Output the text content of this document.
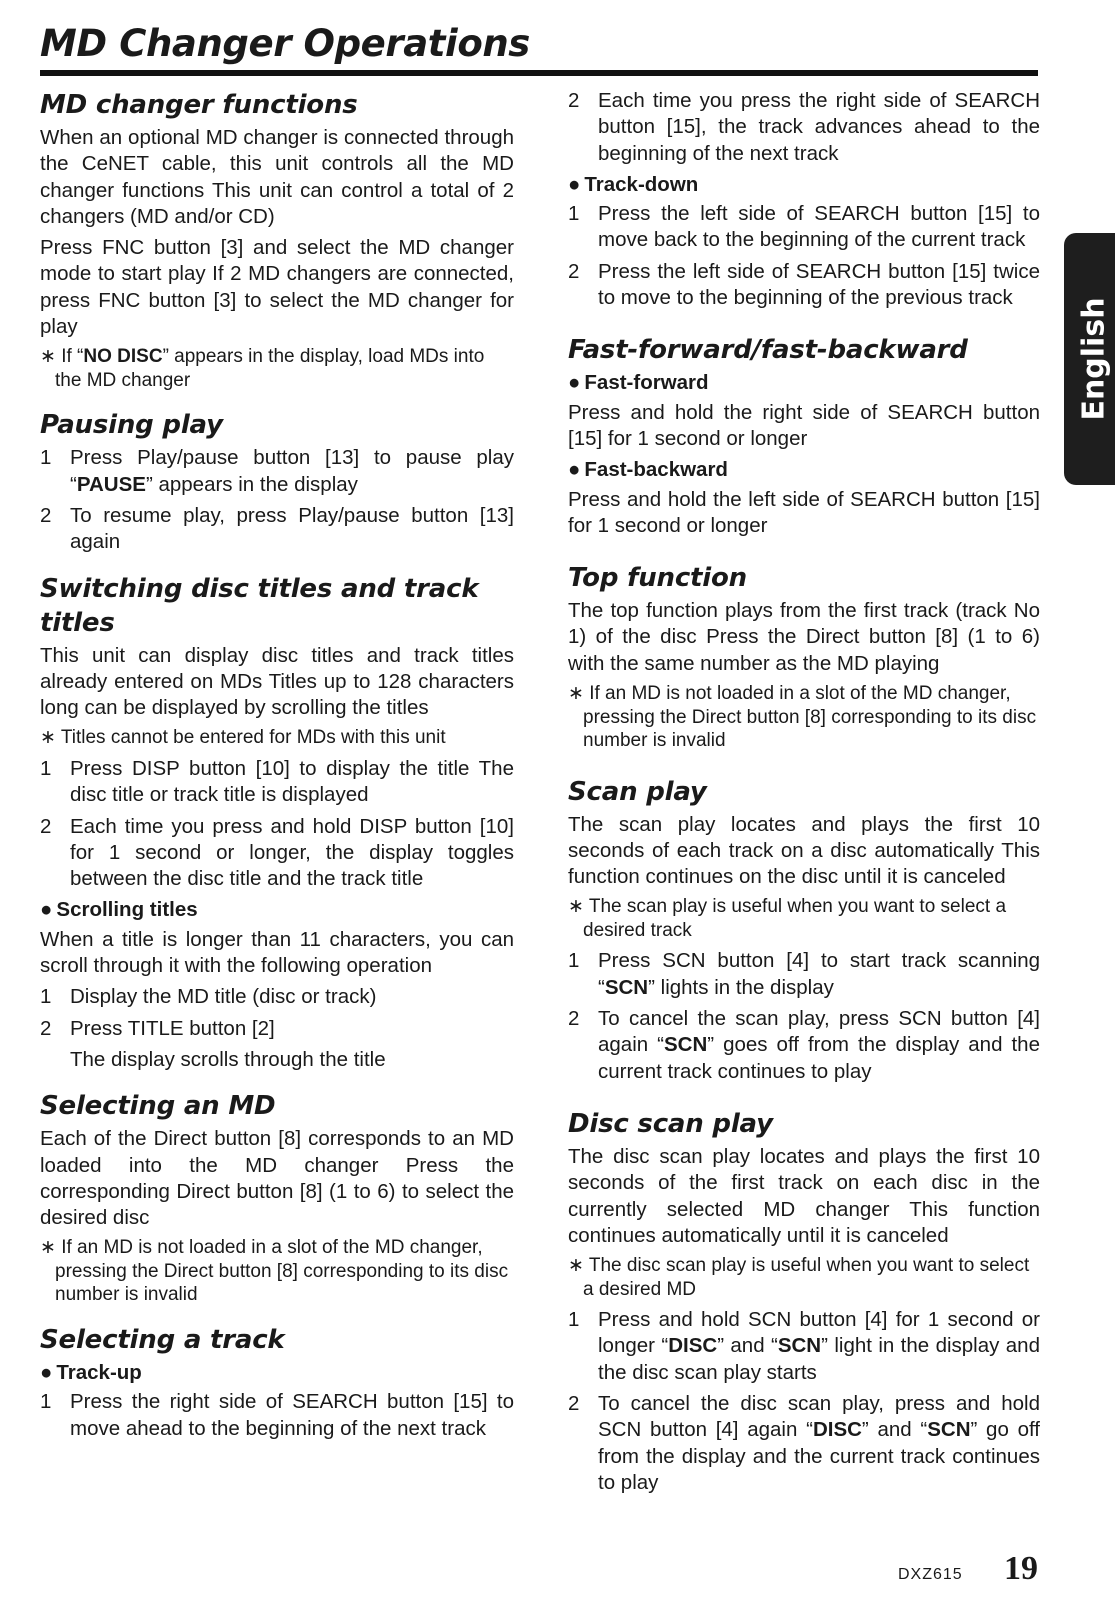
MD Changer Operations
MD changer functions

When an optional MD changer is connected through the CeNET cable, this unit controls all the MD changer functions This unit can control a total of 2 changers (MD and/or CD)

Press FNC button [3] and select the MD changer mode to start play If 2 MD changers are connected, press FNC button [3] to select the MD changer for play

∗ If “NO DISC” appears in the display, load MDs into the MD changer
Pausing play
1 Press Play/pause button [13] to pause play “PAUSE” appears in the display
2 To resume play, press Play/pause button [13] again
Switching disc titles and track titles

This unit can display disc titles and track titles already entered on MDs Titles up to 128 characters long can be displayed by scrolling the titles

∗ Titles cannot be entered for MDs with this unit
1 Press DISP button [10] to display the title The disc title or track title is displayed
2 Each time you press and hold DISP button [10] for 1 second or longer, the display toggles between the disc title and the track title
● Scrolling titles

When a title is longer than 11 characters, you can scroll through it with the following operation

1 Display the MD title (disc or track)
2 Press TITLE button [2]
The display scrolls through the title
Selecting an MD

Each of the Direct button [8] corresponds to an MD loaded into the MD changer Press the corresponding Direct button [8] (1 to 6) to select the desired disc

∗ If an MD is not loaded in a slot of the MD changer, pressing the Direct button [8] corresponding to its disc number is invalid
Selecting a track
● Track-up
1 Press the right side of SEARCH button [15] to move ahead to the beginning of the next track
2 Each time you press the right side of SEARCH button [15], the track advances ahead to the beginning of the next track
● Track-down
1 Press the left side of SEARCH button [15] to move back to the beginning of the current track
2 Press the left side of SEARCH button [15] twice to move to the beginning of the previous track
Fast-forward/fast-backward
● Fast-forward

Press and hold the right side of SEARCH button [15] for 1 second or longer

● Fast-backward

Press and hold the left side of SEARCH button [15] for 1 second or longer

Top function

The top function plays from the first track (track No 1) of the disc Press the Direct button [8] (1 to 6) with the same number as the MD playing

∗ If an MD is not loaded in a slot of the MD changer, pressing the Direct button [8] corresponding to its disc number is invalid
Scan play

The scan play locates and plays the first 10 seconds of each track on a disc automatically This function continues on the disc until it is canceled

∗ The scan play is useful when you want to select a desired track
1 Press SCN button [4] to start track scanning “SCN” lights in the display
2 To cancel the scan play, press SCN button [4] again “SCN” goes off from the display and the current track continues to play
Disc scan play

The disc scan play locates and plays the first 10 seconds of the first track on each disc in the currently selected MD changer This function continues automatically until it is canceled

∗ The disc scan play is useful when you want to select a desired MD
1 Press and hold SCN button [4] for 1 second or longer “DISC” and “SCN” light in the display and the disc scan play starts
2 To cancel the disc scan play, press and hold SCN button [4] again “DISC” and “SCN” go off from the display and the current track continues to play
English
DXZ615 19
